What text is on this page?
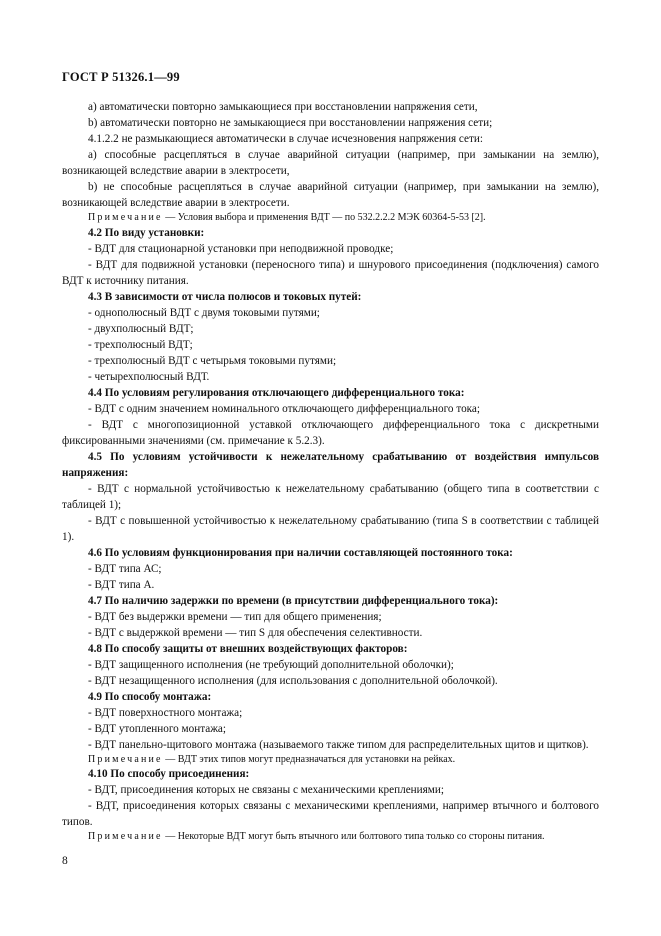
ГОСТ Р 51326.1—99

а) автоматически повторно замыкающиеся при восстановлении напряжения сети,

b) автоматически повторно не замыкающиеся при восстановлении напряжения сети;

4.1.2.2 не размыкающиеся автоматически в случае исчезновения напряжения сети:

а) способные расцепляться в случае аварийной ситуации (например, при замыкании на землю), возникающей вследствие аварии в электросети,

b) не способные расцепляться в случае аварийной ситуации (например, при замыкании на землю), возникающей вследствие аварии в электросети.

Примечание — Условия выбора и применения ВДТ — по 532.2.2.2 МЭК 60364-5-53 [2].

4.2 По виду установки:

- ВДТ для стационарной установки при неподвижной проводке;

- ВДТ для подвижной установки (переносного типа) и шнурового присоединения (подключения) самого ВДТ к источнику питания.

4.3 В зависимости от числа полюсов и токовых путей:

- однополюсный ВДТ с двумя токовыми путями;

- двухполюсный ВДТ;

- трехполюсный ВДТ;

- трехполюсный ВДТ с четырьмя токовыми путями;

- четырехполюсный ВДТ.

4.4 По условиям регулирования отключающего дифференциального тока:

- ВДТ с одним значением номинального отключающего дифференциального тока;

- ВДТ с многопозиционной уставкой отключающего дифференциального тока с дискретными фиксированными значениями (см. примечание к 5.2.3).

4.5 По условиям устойчивости к нежелательному срабатыванию от воздействия импульсов напряжения:

- ВДТ с нормальной устойчивостью к нежелательному срабатыванию (общего типа в соответствии с таблицей 1);

- ВДТ с повышенной устойчивостью к нежелательному срабатыванию (типа S в соответствии с таблицей 1).

4.6 По условиям функционирования при наличии составляющей постоянного тока:

- ВДТ типа АС;

- ВДТ типа А.

4.7 По наличию задержки по времени (в присутствии дифференциального тока):

- ВДТ без выдержки времени — тип для общего применения;

- ВДТ с выдержкой времени — тип S для обеспечения селективности.

4.8 По способу защиты от внешних воздействующих факторов:

- ВДТ защищенного исполнения (не требующий дополнительной оболочки);

- ВДТ незащищенного исполнения (для использования с дополнительной оболочкой).

4.9 По способу монтажа:

- ВДТ поверхностного монтажа;

- ВДТ утопленного монтажа;

- ВДТ панельно-щитового монтажа (называемого также типом для распределительных щитов и щитков).

Примечание — ВДТ этих типов могут предназначаться для установки на рейках.

4.10 По способу присоединения:

- ВДТ, присоединения которых не связаны с механическими креплениями;

- ВДТ, присоединения которых связаны с механическими креплениями, например втычного и болтового типов.

Примечание — Некоторые ВДТ могут быть втычного или болтового типа только со стороны питания.

8
